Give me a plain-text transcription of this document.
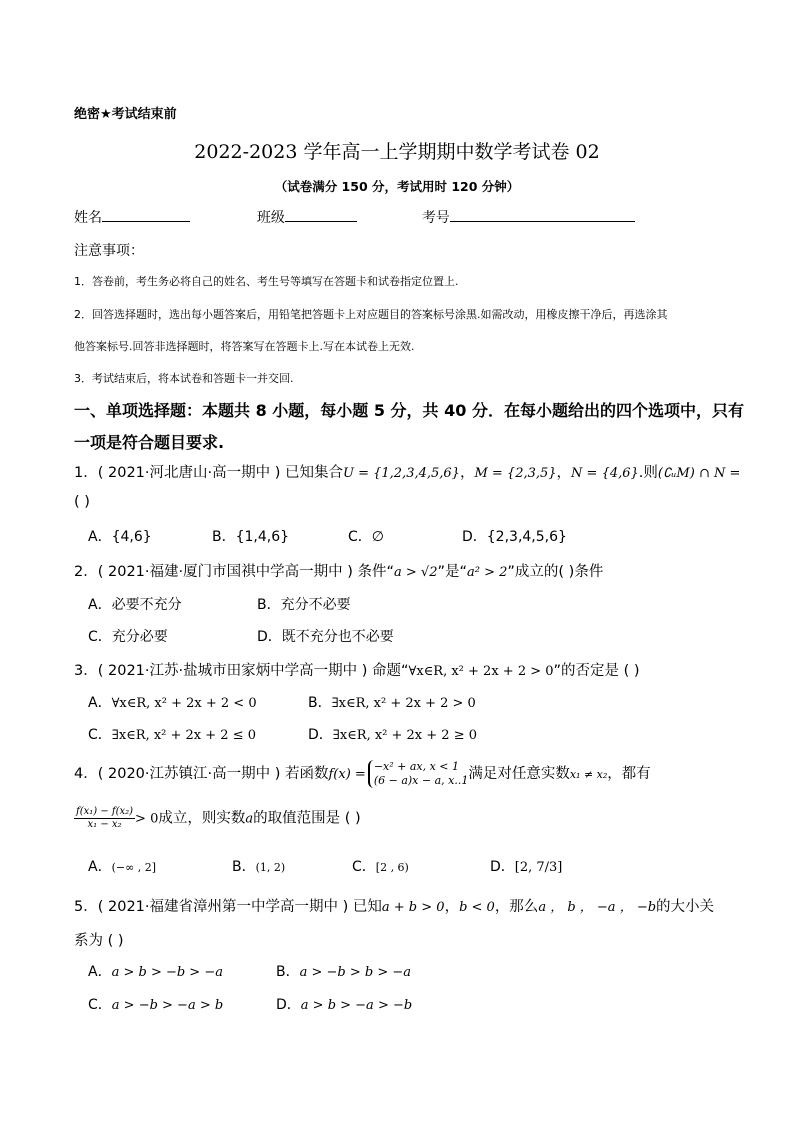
绝密★考试结束前
2022-2023 学年高一上学期期中数学考试卷 02
（试卷满分 150 分，考试用时 120 分钟）
姓名	班级	考号
注意事项：
1．答卷前，考生务必将自己的姓名、考生号等填写在答题卡和试卷指定位置上.
2．回答选择题时，选出每小题答案后，用铅笔把答题卡上对应题目的答案标号涂黑.如需改动，用橡皮擦干净后，再选涂其
他答案标号.回答非选择题时，将答案写在答题卡上.写在本试卷上无效.
3．考试结束后，将本试卷和答题卡一并交回.
一、单项选择题：本题共 8 小题，每小题 5 分，共 40 分．在每小题给出的四个选项中，只有
一项是符合题目要求.
1．( 2021·河北唐山·高一期中 ) 已知集合U = {1,2,3,4,5,6}，M = {2,3,5}，N = {4,6}.则(∁ᵤM) ∩ N =
( )
A．{4,6}	B．{1,4,6}	C．∅	D．{2,3,4,5,6}
2．( 2021·福建·厦门市国祺中学高一期中 ) 条件“a > √2”是“a² > 2”成立的( )条件
A．必要不充分	B．充分不必要
C．充分必要	D．既不充分也不必要
3．( 2021·江苏·盐城市田家炳中学高一期中 ) 命题“∀x∈R, x² + 2x + 2 > 0”的否定是 ( )
A．∀x∈R, x² + 2x + 2 < 0	B．∃x∈R, x² + 2x + 2 > 0
C．∃x∈R, x² + 2x + 2 ≤ 0	D．∃x∈R, x² + 2x + 2 ≥ 0
4．( 2020·江苏镇江·高一期中 ) 若函数f(x) =
−x² + ax, x < 1
(6 − a)x − a, x..1 满足对任意实数x₁ ≠ x₂，都有
$\frac{\text{f(x₁) − f(x₂)}}{\text{x₁ − x₂}} > 0$成立，则实数a的取值范围是 ( )
A．(−∞ , 2]	B．(1, 2)	C．[2 , 6)	D．[2, 7/3]
5．( 2021·福建省漳州第一中学高一期中 ) 已知a + b > 0，b < 0，那么a ， b ， −a ， −b的大小关
系为 ( )
A．a > b > −b > −a	B．a > −b > b > −a
C．a > −b > −a > b	D．a > b > −a > −b
